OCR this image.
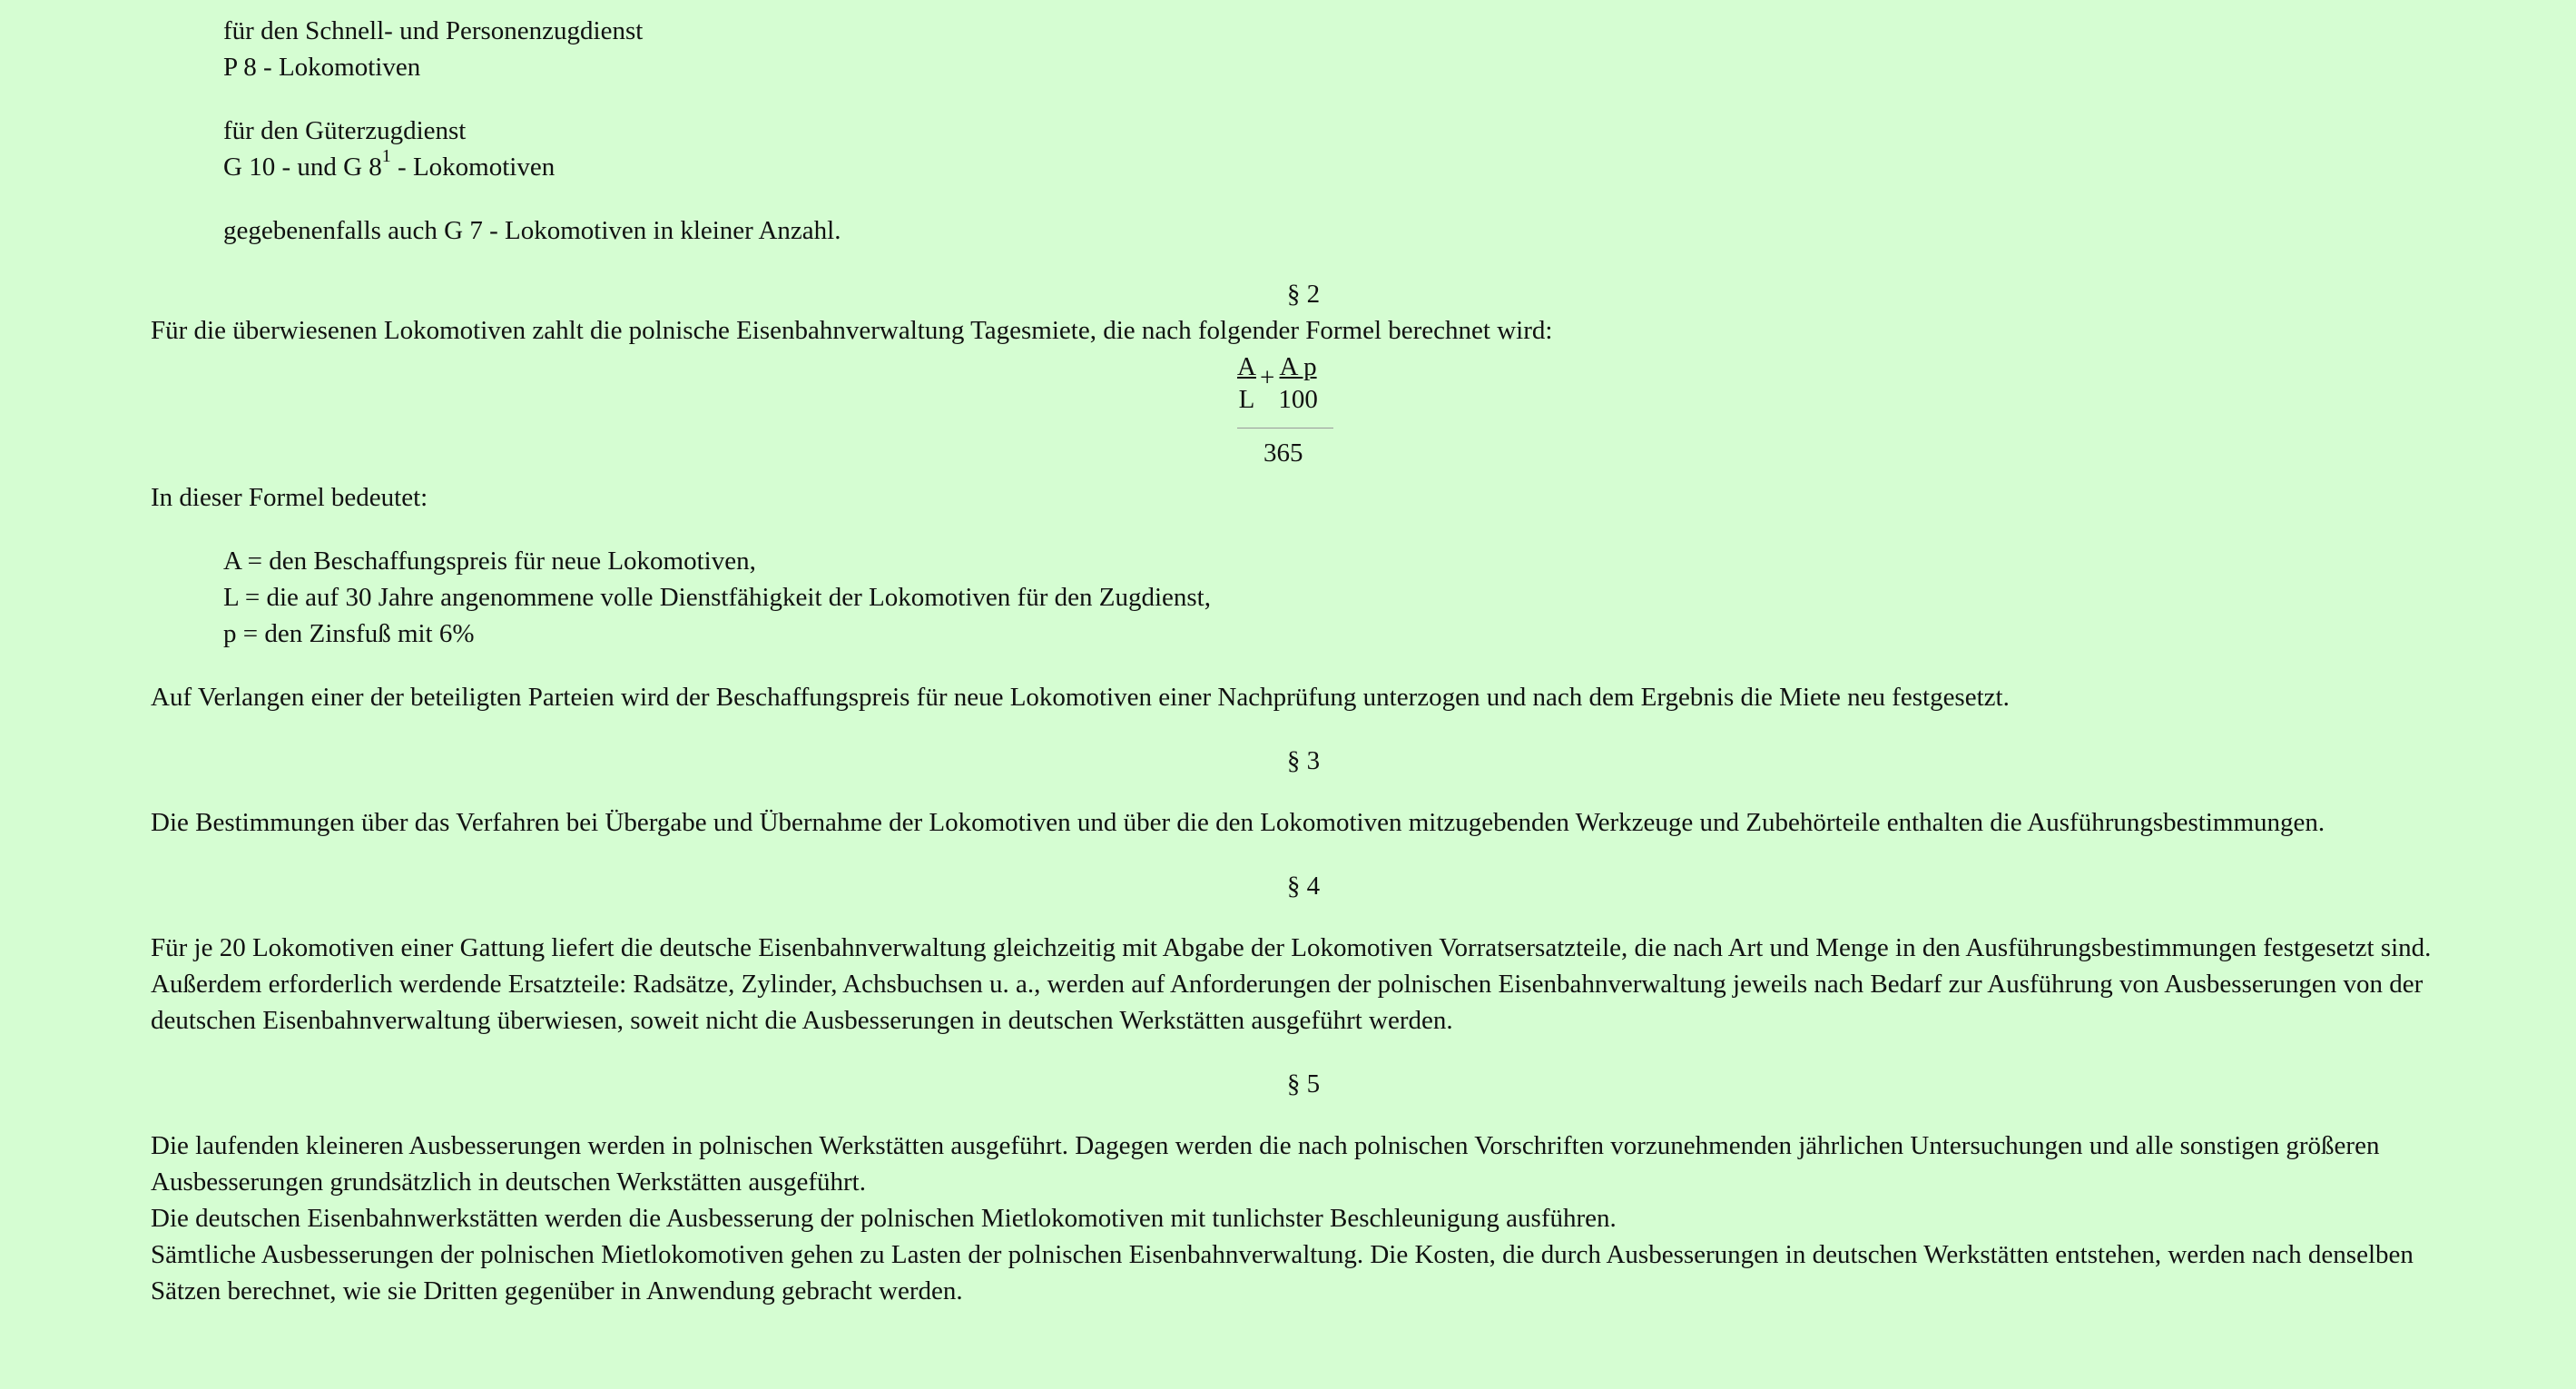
für den Schnell- und Personenzugdienst
P 8 - Lokomotiven
für den Güterzugdienst
G 10 - und G $8^1$ - Lokomotiven
gegebenenfalls auch G 7 - Lokomotiven in kleiner Anzahl.
§ 2
Für die überwiesenen Lokomotiven zahlt die polnische Eisenbahnverwaltung Tagesmiete, die nach folgender Formel berechnet wird:
$\frac{A}{L} + \frac{\text{A p}}{100}$
365
In dieser Formel bedeutet:
A = den Beschaffungspreis für neue Lokomotiven,
L = die auf 30 Jahre angenommene volle Dienstfähigkeit der Lokomotiven für den Zugdienst,
p = den Zinsfuß mit 6%
Auf Verlangen einer der beteiligten Parteien wird der Beschaffungspreis für neue Lokomotiven einer Nachprüfung unterzogen und nach dem Ergebnis die Miete neu festgesetzt.
§ 3
Die Bestimmungen über das Verfahren bei Übergabe und Übernahme der Lokomotiven und über die den Lokomotiven mitzugebenden Werkzeuge und Zubehörteile enthalten die Ausführungsbestimmungen.
§ 4
Für je 20 Lokomotiven einer Gattung liefert die deutsche Eisenbahnverwaltung gleichzeitig mit Abgabe der Lokomotiven Vorratsersatzteile, die nach Art und Menge in den Ausführungsbestimmungen festgesetzt sind.
Außerdem erforderlich werdende Ersatzteile: Radsätze, Zylinder, Achsbuchsen u. a., werden auf Anforderungen der polnischen Eisenbahnverwaltung jeweils nach Bedarf zur Ausführung von Ausbesserungen von der deutschen Eisenbahnverwaltung überwiesen, soweit nicht die Ausbesserungen in deutschen Werkstätten ausgeführt werden.
§ 5
Die laufenden kleineren Ausbesserungen werden in polnischen Werkstätten ausgeführt. Dagegen werden die nach polnischen Vorschriften vorzunehmenden jährlichen Untersuchungen und alle sonstigen größeren Ausbesserungen grundsätzlich in deutschen Werkstätten ausgeführt.
Die deutschen Eisenbahnwerkstätten werden die Ausbesserung der polnischen Mietlokomotiven mit tunlichster Beschleunigung ausführen.
Sämtliche Ausbesserungen der polnischen Mietlokomotiven gehen zu Lasten der polnischen Eisenbahnverwaltung. Die Kosten, die durch Ausbesserungen in deutschen Werkstätten entstehen, werden nach denselben Sätzen berechnet, wie sie Dritten gegenüber in Anwendung gebracht werden.
